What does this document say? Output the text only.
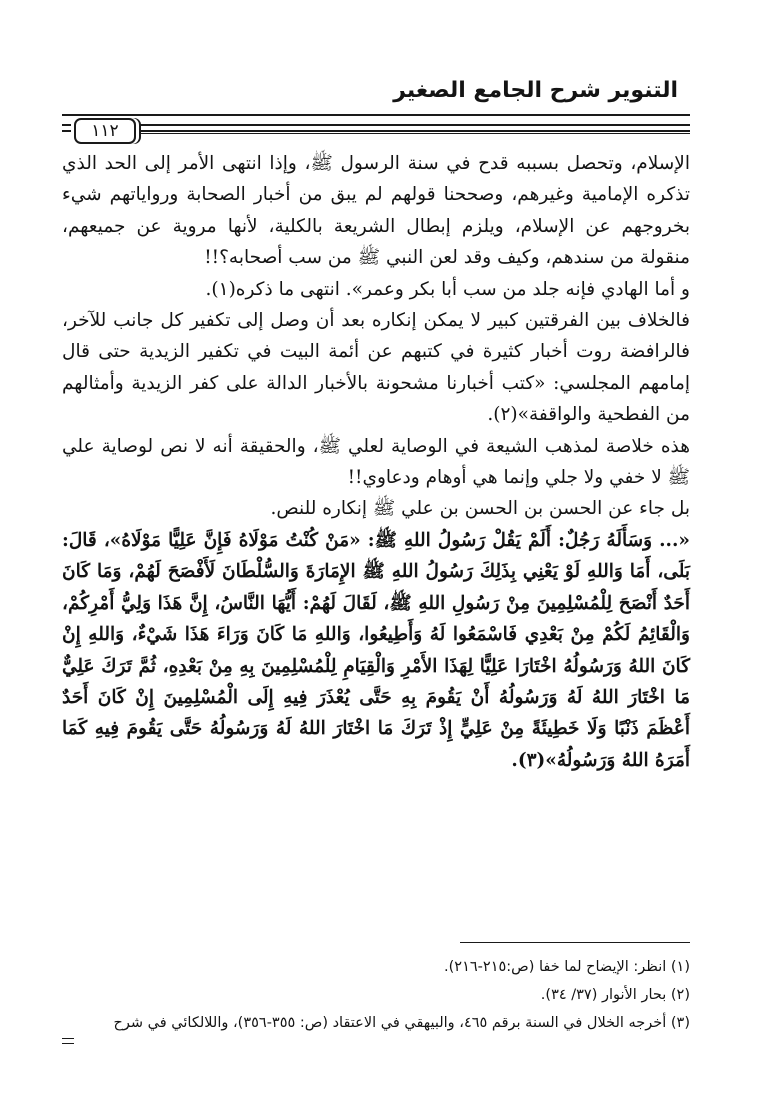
التنوير شرح الجامع الصغير
١١٢

الإسلام، وتحصل بسببه قدح في سنة الرسول ﷺ، وإذا انتهى الأمر إلى الحد الذي تذكره الإمامية وغيرهم، وصححنا قولهم لم يبق من أخبار الصحابة ورواياتهم شيء بخروجهم عن الإسلام، ويلزم إبطال الشريعة بالكلية، لأنها مروية عن جميعهم، منقولة من سندهم، وكيف وقد لعن النبي ﷺ من سب أصحابه؟!!

و أما الهادي فإنه جلد من سب أبا بكر وعمر». انتهى ما ذكره(١).

فالخلاف بين الفرقتين كبير لا يمكن إنكاره بعد أن وصل إلى تكفير كل جانب للآخر، فالرافضة روت أخبار كثيرة في كتبهم عن أئمة البيت في تكفير الزيدية حتى قال إمامهم المجلسي: «كتب أخبارنا مشحونة بالأخبار الدالة على كفر الزيدية وأمثالهم من الفطحية والواقفة»(٢).

هذه خلاصة لمذهب الشيعة في الوصاية لعلي ﷺ، والحقيقة أنه لا نص لوصاية علي ﷺ لا خفي ولا جلي وإنما هي أوهام ودعاوي!!

بل جاء عن الحسن بن الحسن بن علي ﷺ إنكاره للنص.

«... وَسَأَلَهُ رَجُلٌ: أَلَمْ يَقُلْ رَسُولُ اللهِ ﷺ: «مَنْ كُنْتُ مَوْلَاهُ فَإِنَّ عَلِيًّا مَوْلَاهُ»، قَالَ: بَلَى، أَمَا وَاللهِ لَوْ يَعْنِي بِذَلِكَ رَسُولُ اللهِ ﷺ الإِمَارَةَ وَالسُّلْطَانَ لَأَفْصَحَ لَهُمْ، وَمَا كَانَ أَحَدٌ أَنْصَحَ لِلْمُسْلِمِينَ مِنْ رَسُولِ اللهِ ﷺ، لَقَالَ لَهُمْ: أَيُّهَا النَّاسُ، إِنَّ هَذَا وَلِيُّ أَمْرِكُمْ، وَالْقَائِمُ لَكُمْ مِنْ بَعْدِي فَاسْمَعُوا لَهُ وَأَطِيعُوا، وَاللهِ مَا كَانَ وَرَاءَ هَذَا شَيْءٌ، وَاللهِ إِنْ كَانَ اللهُ وَرَسُولُهُ اخْتَارَا عَلِيًّا لِهَذَا الأَمْرِ وَالْقِيَامِ لِلْمُسْلِمِينَ بِهِ مِنْ بَعْدِهِ، ثُمَّ تَرَكَ عَلِيٌّ مَا اخْتَارَ اللهُ لَهُ وَرَسُولُهُ أَنْ يَقُومَ بِهِ حَتَّى يُعْذَرَ فِيهِ إِلَى الْمُسْلِمِينَ إِنْ كَانَ أَحَدٌ أَعْظَمَ ذَنْبًا وَلَا خَطِيئَةً مِنْ عَلِيٍّ إِذْ تَرَكَ مَا اخْتَارَ اللهُ لَهُ وَرَسُولُهُ حَتَّى يَقُومَ فِيهِ كَمَا أَمَرَهُ اللهُ وَرَسُولُهُ»(٣).

(١) انظر: الإيضاح لما خفا (ص:٢١٥-٢١٦).
(٢) بحار الأنوار (٣٧/ ٣٤).
(٣) أخرجه الخلال في السنة برقم ٤٦٥، والبيهقي في الاعتقاد (ص: ٣٥٥-٣٥٦)، واللالكائي في شرح
